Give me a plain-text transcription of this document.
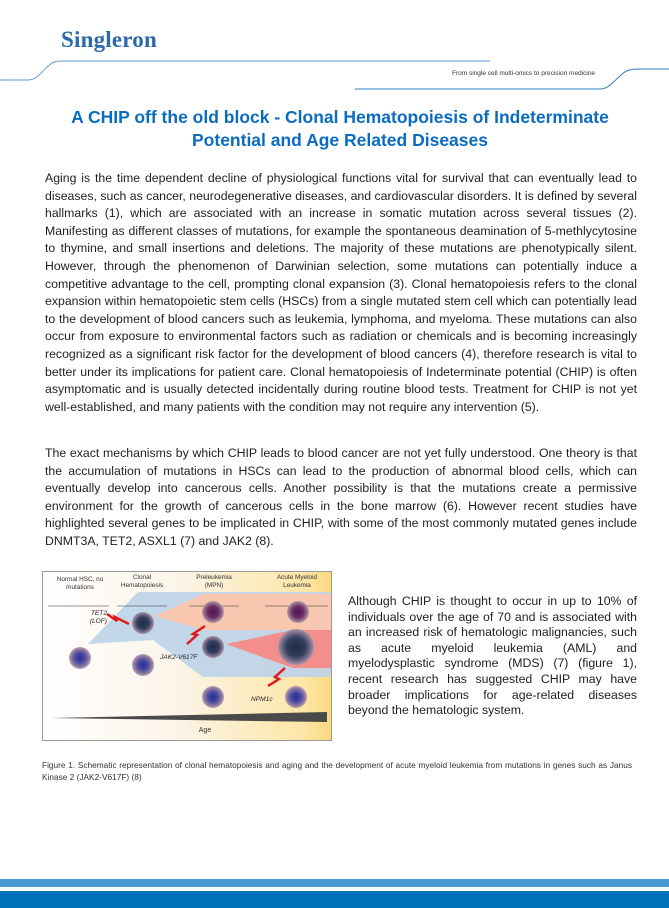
Singleron
From single cell multi-omics to precision medicine
A CHIP off the old block - Clonal Hematopoiesis of Indeterminate Potential and Age Related Diseases

Aging is the time dependent decline of physiological functions vital for survival that can eventually lead to diseases, such as cancer, neurodegenerative diseases, and cardiovascular disorders. It is defined by several hallmarks (1), which are associated with an increase in somatic mutation across several tissues (2). Manifesting as different classes of mutations, for example the spontaneous deamination of 5-methlycytosine to thymine, and small insertions and deletions. The majority of these mutations are phenotypically silent. However, through the phenomenon of Darwinian selection, some mutations can potentially induce a competitive advantage to the cell, prompting clonal expansion (3). Clonal hematopoiesis refers to the clonal expansion within hematopoietic stem cells (HSCs) from a single mutated stem cell which can potentially lead to the development of blood cancers such as leukemia, lymphoma, and myeloma. These mutations can also occur from exposure to environmental factors such as radiation or chemicals and is becoming increasingly recognized as a significant risk factor for the development of blood cancers (4), therefore research is vital to better under its implications for patient care. Clonal hematopoiesis of Indeterminate potential (CHIP) is often asymptomatic and is usually detected incidentally during routine blood tests. Treatment for CHIP is not yet well-established, and many patients with the condition may not require any intervention (5).

The exact mechanisms by which CHIP leads to blood cancer are not yet fully understood. One theory is that the accumulation of mutations in HSCs can lead to the production of abnormal blood cells, which can eventually develop into cancerous cells. Another possibility is that the mutations create a permissive environment for the growth of cancerous cells in the bone marrow (6). However recent studies have highlighted several genes to be implicated in CHIP, with some of the most commonly mutated genes include DNMT3A, TET2, ASXL1 (7) and JAK2 (8).

Normal HSC, no
mutations
Clonal
Hematopoiesis
Preleukemia
(MPN)
Acute Myeloid
Leukemia
TET2
(LOF)
JAK2-V617F
NPM1c
Age

Although CHIP is thought to occur in up to 10% of individuals over the age of 70 and is associated with an increased risk of hematologic malignancies, such as acute myeloid leukemia (AML) and myelodysplastic syndrome (MDS) (7) (figure 1), recent research has suggested CHIP may have broader implications for age-related diseases beyond the hematologic system.

Figure 1. Schematic representation of clonal hematopoiesis and aging and the development of acute myeloid leukemia from mutations in genes such as Janus Kinase 2 (JAK2-V617F) (8)
